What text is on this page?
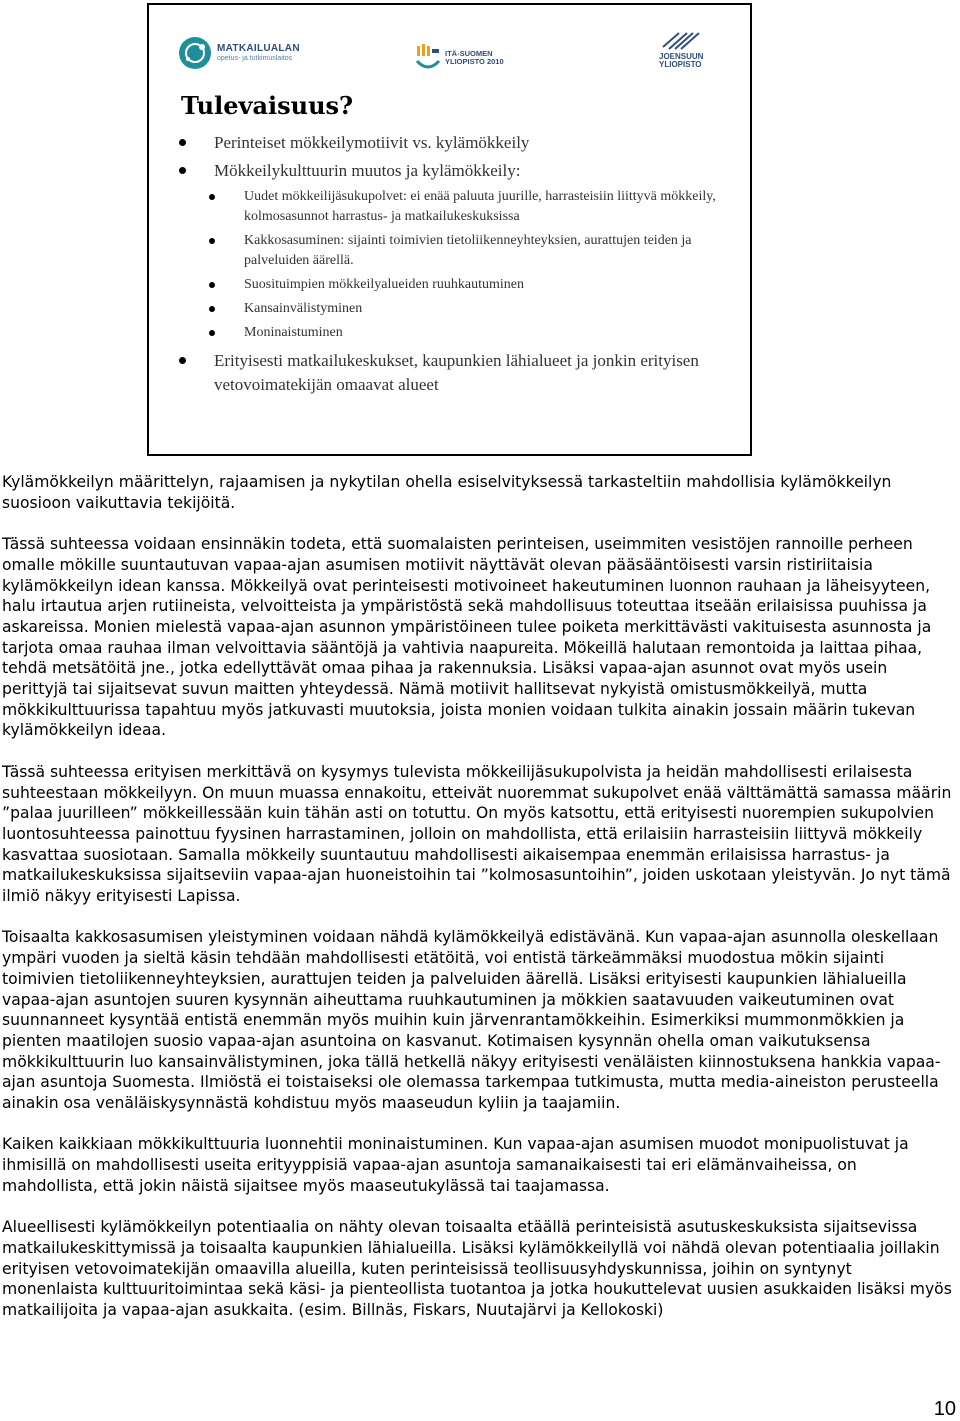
MATKAILUALAN
opetus- ja tutkimuslaitos	ITÄ-SUOMEN
YLIOPISTO 2010
JOENSUUN
YLIOPISTO
Tulevaisuus?
Perinteiset mökkeilymotiivit vs. kylämökkeily
Mökkeilykulttuurin muutos ja kylämökkeily:
Uudet mökkeilijäsukupolvet: ei enää paluuta juurille, harrasteisiin liittyvä mökkeily, kolmosasunnot harrastus- ja matkailukeskuksissa
Kakkosasuminen: sijainti toimivien tietoliikenneyhteyksien, aurattujen teiden ja palveluiden äärellä.
Suosituimpien mökkeilyalueiden ruuhkautuminen
Kansainvälistyminen
Moninaistuminen
Erityisesti matkailukeskukset, kaupunkien lähialueet ja jonkin erityisen vetovoimatekijän omaavat alueet

Kylämökkeilyn määrittelyn, rajaamisen ja nykytilan ohella esiselvityksessä tarkasteltiin mahdollisia kylämökkeilyn suosioon vaikuttavia tekijöitä.

Tässä suhteessa voidaan ensinnäkin todeta, että suomalaisten perinteisen, useimmiten vesistöjen rannoille perheen omalle mökille suuntautuvan vapaa-ajan asumisen motiivit näyttävät olevan pääsääntöisesti varsin ristiriitaisia kylämökkeilyn idean kanssa. Mökkeilyä ovat perinteisesti motivoineet hakeutuminen luonnon rauhaan ja läheisyyteen, halu irtautua arjen rutiineista, velvoitteista ja ympäristöstä sekä mahdollisuus toteuttaa itseään erilaisissa puuhissa ja askareissa. Monien mielestä vapaa-ajan asunnon ympäristöineen tulee poiketa merkittävästi vakituisesta asunnosta ja tarjota omaa rauhaa ilman velvoittavia sääntöjä ja vahtivia naapureita. Mökeillä halutaan remontoida ja laittaa pihaa, tehdä metsätöitä jne., jotka edellyttävät omaa pihaa ja rakennuksia. Lisäksi vapaa-ajan asunnot ovat myös usein perittyjä tai sijaitsevat suvun maitten yhteydessä. Nämä motiivit hallitsevat nykyistä omistusmökkeilyä, mutta mökkikulttuurissa tapahtuu myös jatkuvasti muutoksia, joista monien voidaan tulkita ainakin jossain määrin tukevan kylämökkeilyn ideaa.

Tässä suhteessa erityisen merkittävä on kysymys tulevista mökkeilijäsukupolvista ja heidän mahdollisesti erilaisesta suhteestaan mökkeilyyn. On muun muassa ennakoitu, etteivät nuoremmat sukupolvet enää välttämättä samassa määrin ”palaa juurilleen” mökkeillessään kuin tähän asti on totuttu. On myös katsottu, että erityisesti nuorempien sukupolvien luontosuhteessa painottuu fyysinen harrastaminen, jolloin on mahdollista, että erilaisiin harrasteisiin liittyvä mökkeily kasvattaa suosiotaan. Samalla mökkeily suuntautuu mahdollisesti aikaisempaa enemmän erilaisissa harrastus- ja matkailukeskuksissa sijaitseviin vapaa-ajan huoneistoihin tai ”kolmosasuntoihin”, joiden uskotaan yleistyvän. Jo nyt tämä ilmiö näkyy erityisesti Lapissa.

Toisaalta kakkosasumisen yleistyminen voidaan nähdä kylämökkeilyä edistävänä. Kun vapaa-ajan asunnolla oleskellaan ympäri vuoden ja sieltä käsin tehdään mahdollisesti etätöitä, voi entistä tärkeämmäksi muodostua mökin sijainti toimivien tietoliikenneyhteyksien, aurattujen teiden ja palveluiden äärellä. Lisäksi erityisesti kaupunkien lähialueilla vapaa-ajan asuntojen suuren kysynnän aiheuttama ruuhkautuminen ja mökkien saatavuuden vaikeutuminen ovat suunnanneet kysyntää entistä enemmän myös muihin kuin järvenrantamökkeihin. Esimerkiksi mummonmökkien ja pienten maatilojen suosio vapaa-ajan asuntoina on kasvanut. Kotimaisen kysynnän ohella oman vaikutuksensa mökkikulttuurin luo kansainvälistyminen, joka tällä hetkellä näkyy erityisesti venäläisten kiinnostuksena hankkia vapaa-ajan asuntoja Suomesta. Ilmiöstä ei toistaiseksi ole olemassa tarkempaa tutkimusta, mutta media-aineiston perusteella ainakin osa venäläiskysynnästä kohdistuu myös maaseudun kyliin ja taajamiin.

Kaiken kaikkiaan mökkikulttuuria luonnehtii moninaistuminen. Kun vapaa-ajan asumisen muodot monipuolistuvat ja ihmisillä on mahdollisesti useita erityyppisiä vapaa-ajan asuntoja samanaikaisesti tai eri elämänvaiheissa, on mahdollista, että jokin näistä sijaitsee myös maaseutukylässä tai taajamassa.

Alueellisesti kylämökkeilyn potentiaalia on nähty olevan toisaalta etäällä perinteisistä asutuskeskuksista sijaitsevissa matkailukeskittymissä ja toisaalta kaupunkien lähialueilla. Lisäksi kylämökkeilyllä voi nähdä olevan potentiaalia joillakin erityisen vetovoimatekijän omaavilla alueilla, kuten perinteisissä teollisuusyhdyskunnissa, joihin on syntynyt monenlaista kulttuuritoimintaa sekä käsi- ja pienteollista tuotantoa ja jotka houkuttelevat uusien asukkaiden lisäksi myös matkailijoita ja vapaa-ajan asukkaita. (esim. Billnäs, Fiskars, Nuutajärvi ja Kellokoski)

10
